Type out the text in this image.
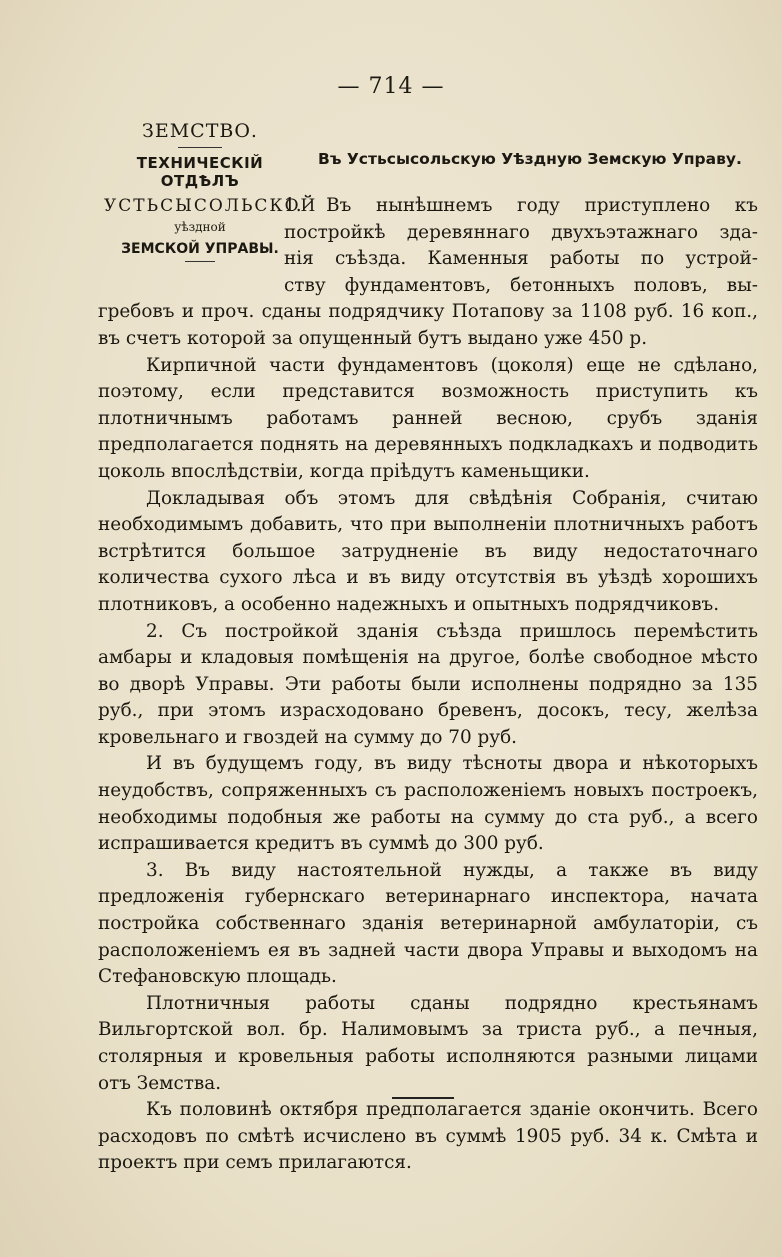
— 714 —
ЗЕМСТВО.
ТЕХНИЧЕСКIЙ ОТДѢЛЪ
УСТЬСЫСОЛЬСКОЙ
уѣздной
ЗЕМСКОЙ УПРАВЫ.
Въ Устьсысольскую Уѣздную Земскую Управу.
1. Въ нынѣшнемъ году приступлено къ
постройкѣ деревяннаго двухъэтажнаго зда-
нiя съѣзда. Каменныя работы по устрой-
ству фундаментовъ, бетонныхъ половъ, вы-

гребовъ и проч. сданы подрядчику Потапову за 1108 руб. 16 коп., въ счетъ которой за опущенный бутъ выдано уже 450 р.

Кирпичной части фундаментовъ (цоколя) еще не сдѣлано, поэтому, если представится возможность приступить къ плотничнымъ работамъ ранней весною, срубъ зданiя предполагается поднять на деревянныхъ подкладкахъ и подводить цоколь впослѣдствiи, когда прiѣдутъ каменьщики.

Докладывая объ этомъ для свѣдѣнiя Собранiя, считаю необходимымъ добавить, что при выполненiи плотничныхъ работъ встрѣтится большое затрудненiе въ виду недостаточнаго количества сухого лѣса и въ виду отсутствiя въ уѣздѣ хорошихъ плотниковъ, а особенно надежныхъ и опытныхъ подрядчиковъ.

2. Съ постройкой зданiя съѣзда пришлось перемѣстить амбары и кладовыя помѣщенiя на другое, болѣе свободное мѣсто во дворѣ Управы. Эти работы были исполнены подрядно за 135 руб., при этомъ израсходовано бревенъ, досокъ, тесу, желѣза кровельнаго и гвоздей на сумму до 70 руб.

И въ будущемъ году, въ виду тѣсноты двора и нѣкоторыхъ неудобствъ, сопряженныхъ съ расположенiемъ новыхъ построекъ, необходимы подобныя же работы на сумму до ста руб., а всего испрашивается кредитъ въ суммѣ до 300 руб.

3. Въ виду настоятельной нужды, а также въ виду предложенiя губернскаго ветеринарнаго инспектора, начата постройка собственнаго зданiя ветеринарной амбулаторiи, съ расположенiемъ ея въ задней части двора Управы и выходомъ на Стефановскую площадь.

Плотничныя работы сданы подрядно крестьянамъ Вильгортской вол. бр. Налимовымъ за триста руб., а печныя, столярныя и кровельныя работы исполняются разными лицами отъ Земства.

Къ половинѣ октября предполагается зданiе окончить. Всего расходовъ по смѣтѣ исчислено въ суммѣ 1905 руб. 34 к. Смѣта и проектъ при семъ прилагаются.
